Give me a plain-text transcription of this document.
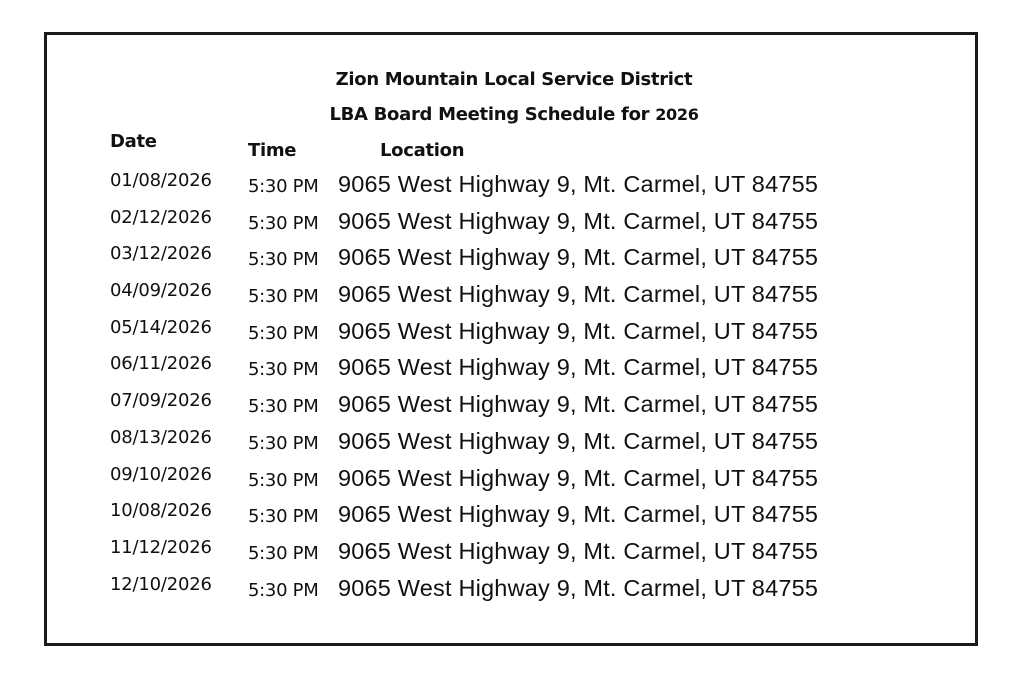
Zion Mountain Local Service District
LBA Board Meeting Schedule for 2026
Date	Time	Location
01/08/2026 5:30 PM 9065 West Highway 9, Mt. Carmel, UT 84755
02/12/2026 5:30 PM 9065 West Highway 9, Mt. Carmel, UT 84755
03/12/2026 5:30 PM 9065 West Highway 9, Mt. Carmel, UT 84755
04/09/2026 5:30 PM 9065 West Highway 9, Mt. Carmel, UT 84755
05/14/2026 5:30 PM 9065 West Highway 9, Mt. Carmel, UT 84755
06/11/2026 5:30 PM 9065 West Highway 9, Mt. Carmel, UT 84755
07/09/2026 5:30 PM 9065 West Highway 9, Mt. Carmel, UT 84755
08/13/2026 5:30 PM 9065 West Highway 9, Mt. Carmel, UT 84755
09/10/2026 5:30 PM 9065 West Highway 9, Mt. Carmel, UT 84755
10/08/2026 5:30 PM 9065 West Highway 9, Mt. Carmel, UT 84755
11/12/2026 5:30 PM 9065 West Highway 9, Mt. Carmel, UT 84755
12/10/2026 5:30 PM 9065 West Highway 9, Mt. Carmel, UT 84755
